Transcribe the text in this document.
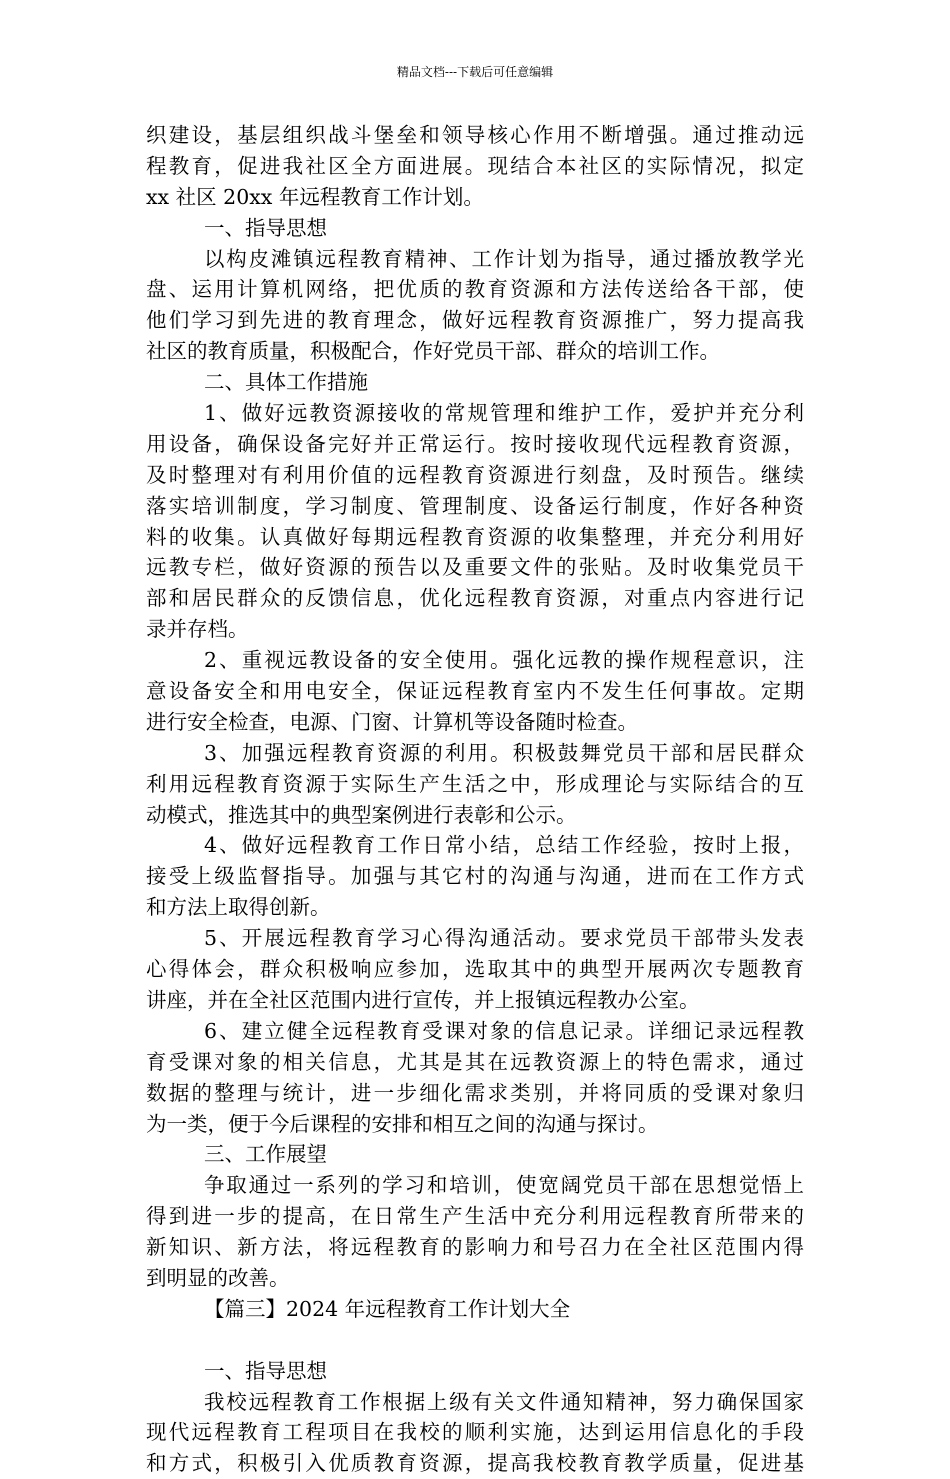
精品文档---下载后可任意编辑
织建设，基层组织战斗堡垒和领导核心作用不断增强。通过推动远
程教育，促进我社区全方面进展。现结合本社区的实际情况，拟定
xx 社区 20xx 年远程教育工作计划。
一、指导思想
以构皮滩镇远程教育精神、工作计划为指导，通过播放教学光
盘、运用计算机网络，把优质的教育资源和方法传送给各干部，使
他们学习到先进的教育理念，做好远程教育资源推广，努力提高我
社区的教育质量，积极配合，作好党员干部、群众的培训工作。
二、具体工作措施
1、做好远教资源接收的常规管理和维护工作，爱护并充分利
用设备，确保设备完好并正常运行。按时接收现代远程教育资源，
及时整理对有利用价值的远程教育资源进行刻盘，及时预告。继续
落实培训制度，学习制度、管理制度、设备运行制度，作好各种资
料的收集。认真做好每期远程教育资源的收集整理，并充分利用好
远教专栏，做好资源的预告以及重要文件的张贴。及时收集党员干
部和居民群众的反馈信息，优化远程教育资源，对重点内容进行记
录并存档。
2、重视远教设备的安全使用。强化远教的操作规程意识，注
意设备安全和用电安全，保证远程教育室内不发生任何事故。定期
进行安全检查，电源、门窗、计算机等设备随时检查。
3、加强远程教育资源的利用。积极鼓舞党员干部和居民群众
利用远程教育资源于实际生产生活之中，形成理论与实际结合的互
动模式，推选其中的典型案例进行表彰和公示。
4、做好远程教育工作日常小结，总结工作经验，按时上报，
接受上级监督指导。加强与其它村的沟通与沟通，进而在工作方式
和方法上取得创新。
5、开展远程教育学习心得沟通活动。要求党员干部带头发表
心得体会，群众积极响应参加，选取其中的典型开展两次专题教育
讲座，并在全社区范围内进行宣传，并上报镇远程教办公室。
6、建立健全远程教育受课对象的信息记录。详细记录远程教
育受课对象的相关信息，尤其是其在远教资源上的特色需求，通过
数据的整理与统计，进一步细化需求类别，并将同质的受课对象归
为一类，便于今后课程的安排和相互之间的沟通与探讨。
三、工作展望
争取通过一系列的学习和培训，使宽阔党员干部在思想觉悟上
得到进一步的提高，在日常生产生活中充分利用远程教育所带来的
新知识、新方法，将远程教育的影响力和号召力在全社区范围内得
到明显的改善。
【篇三】2024 年远程教育工作计划大全
一、指导思想
我校远程教育工作根据上级有关文件通知精神，努力确保国家
现代远程教育工程项目在我校的顺利实施，达到运用信息化的手段
和方式，积极引入优质教育资源，提高我校教育教学质量，促进基
